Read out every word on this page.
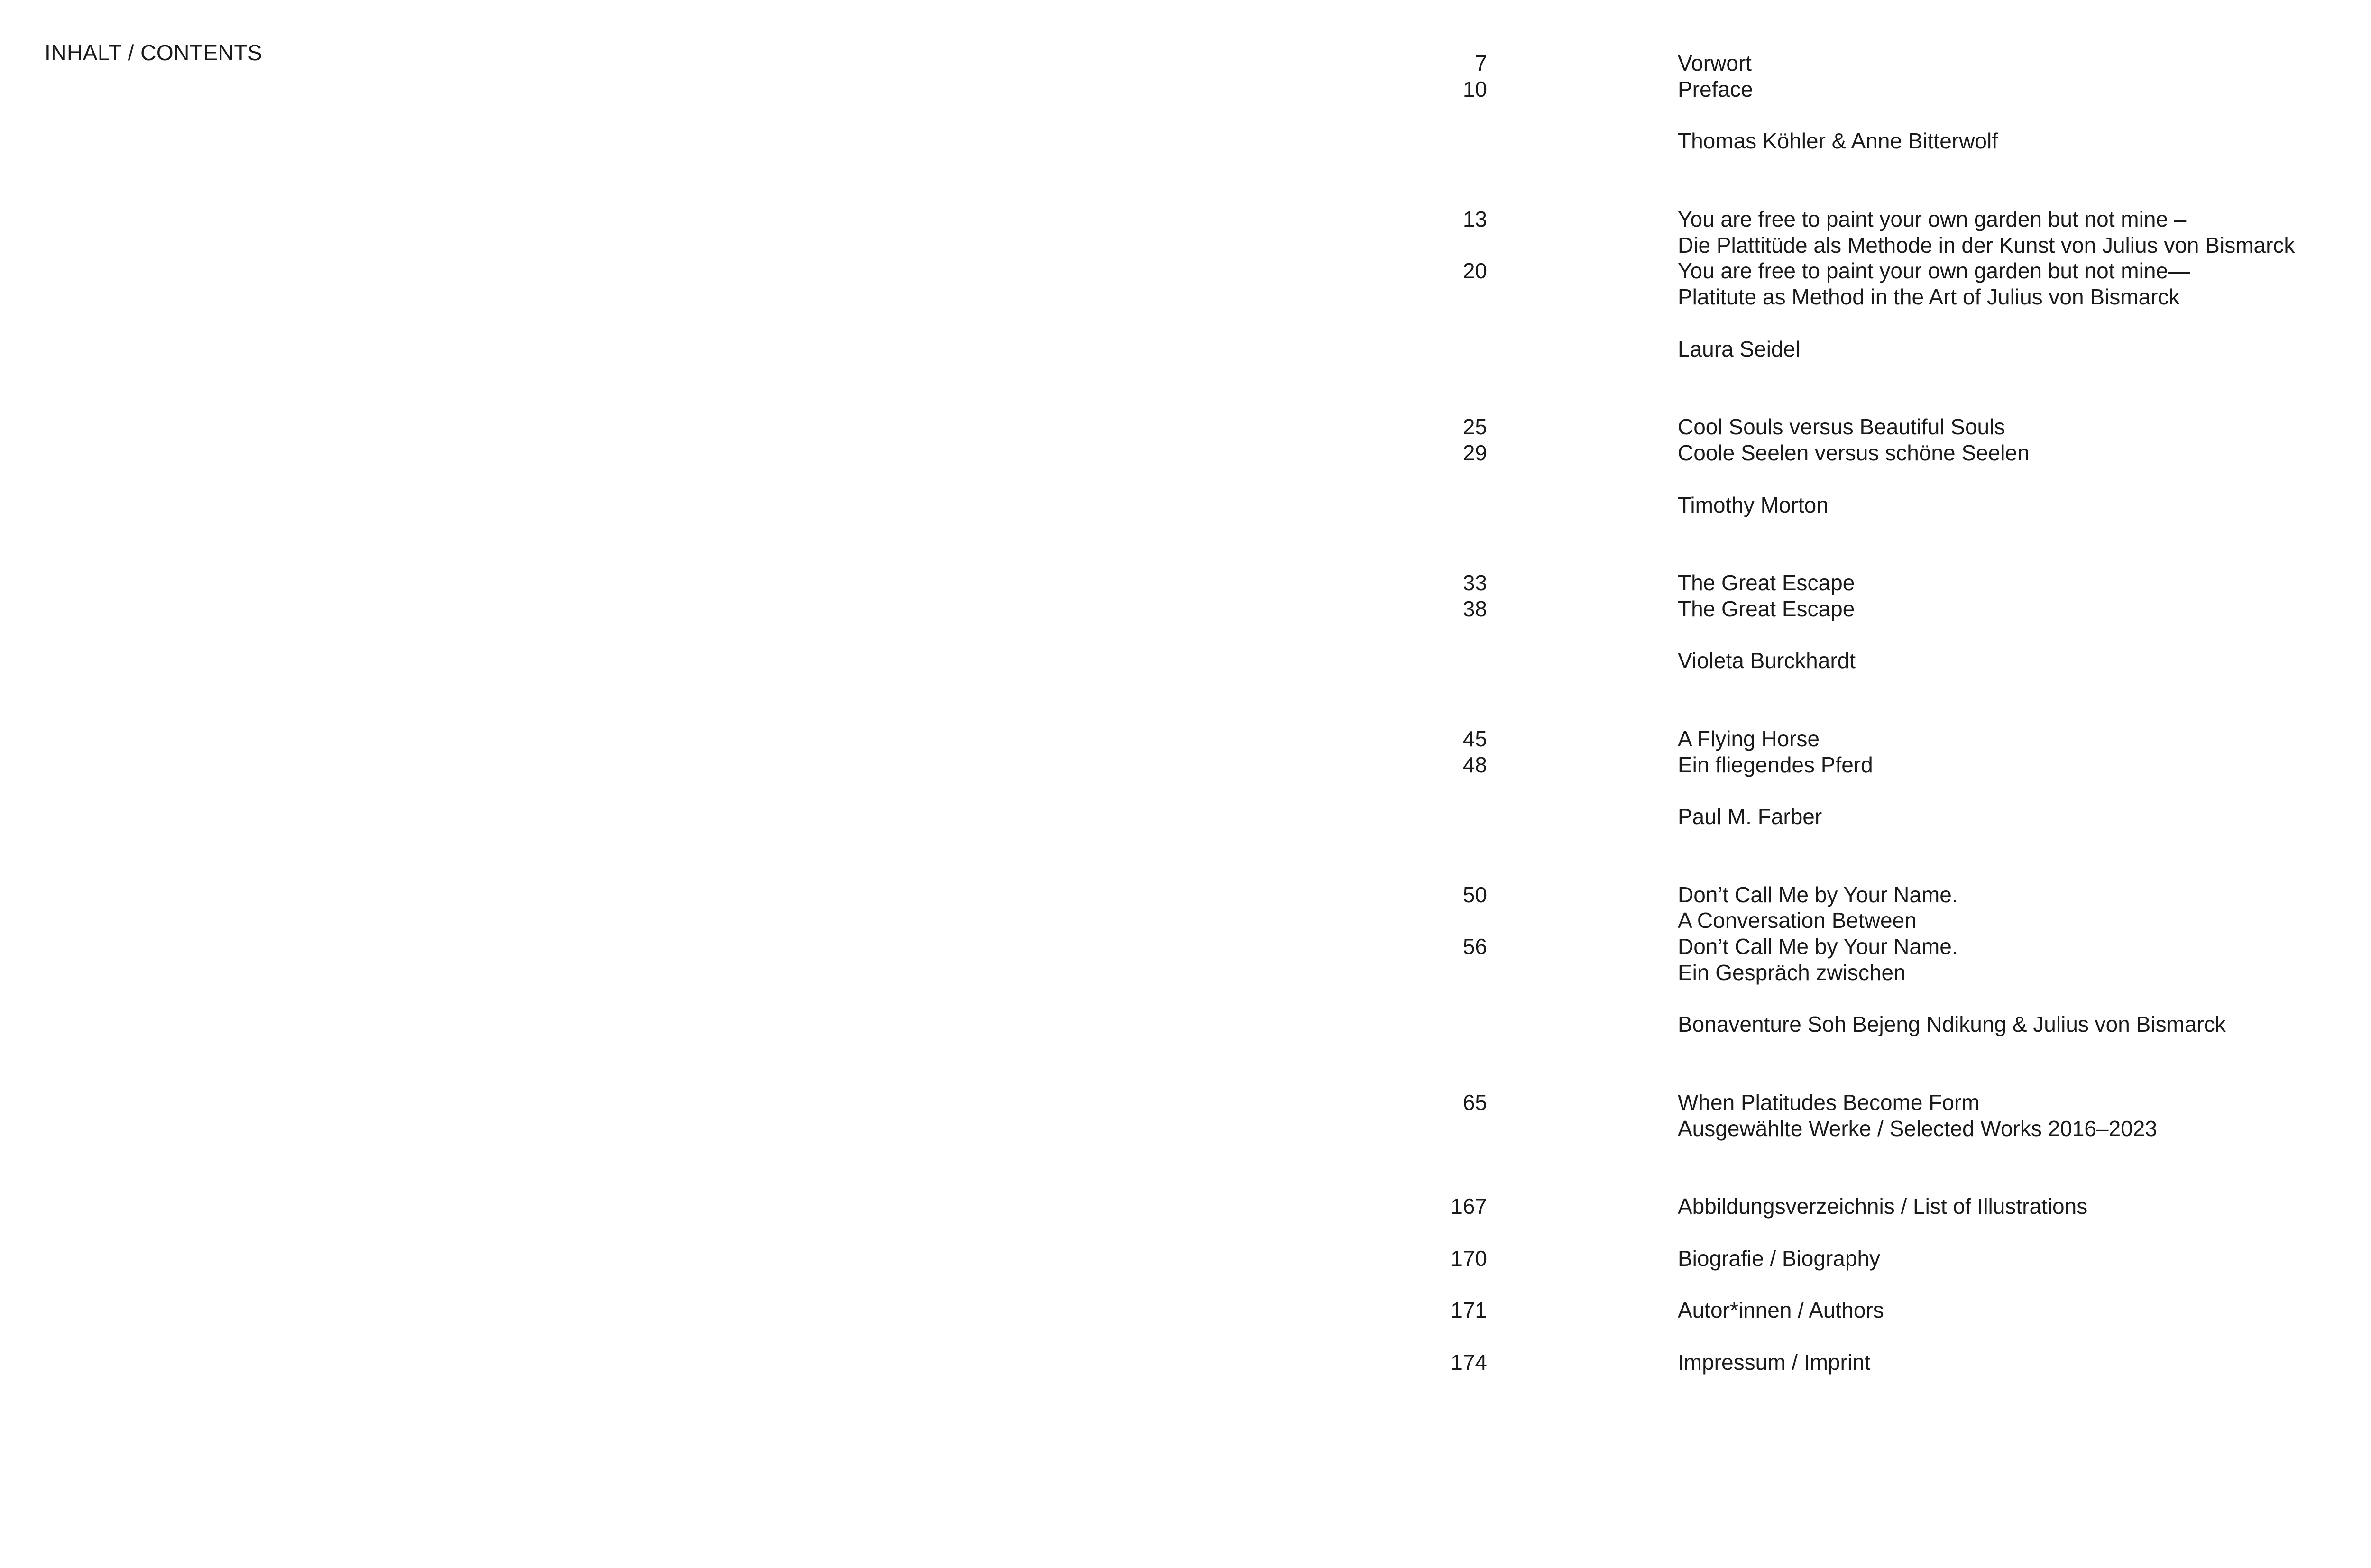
INHALT / CONTENTS	7	Vorwort
10	Preface
Thomas Köhler & Anne Bitterwolf
13	You are free to paint your own garden but not mine –
Die Plattitüde als Methode in der Kunst von Julius von Bismarck
20	You are free to paint your own garden but not mine—
Platitute as Method in the Art of Julius von Bismarck
Laura Seidel
25	Cool Souls versus Beautiful Souls
29	Coole Seelen versus schöne Seelen
Timothy Morton
33	The Great Escape
38	The Great Escape
Violeta Burckhardt
45	A Flying Horse
48	Ein fliegendes Pferd
Paul M. Farber
50	Don’t Call Me by Your Name.
A Conversation Between
56	Don’t Call Me by Your Name.
Ein Gespräch zwischen
Bonaventure Soh Bejeng Ndikung & Julius von Bismarck
65	When Platitudes Become Form
Ausgewählte Werke / Selected Works 2016–2023
167	Abbildungsverzeichnis / List of Illustrations
170	Biografie / Biography
171	Autor*innen / Authors
174	Impressum / Imprint
